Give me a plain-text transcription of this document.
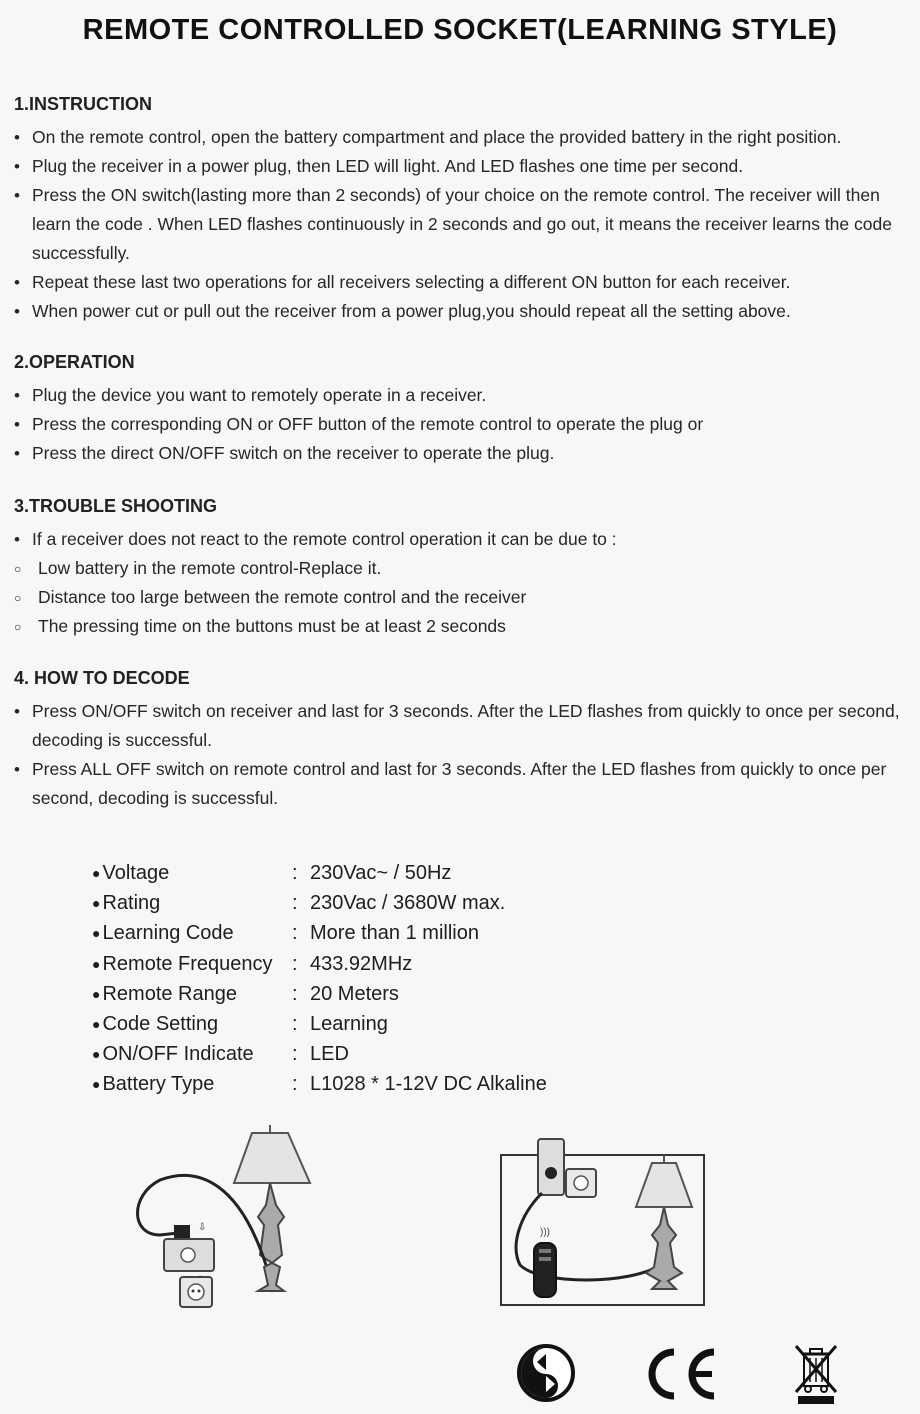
REMOTE CONTROLLED SOCKET(LEARNING STYLE)
1.INSTRUCTION
• On the remote control, open the battery compartment and place the provided battery in the right position.
• Plug the receiver in a power plug, then LED will light. And LED flashes one time per second.
• Press the ON switch(lasting more than 2 seconds) of your choice on the remote control. The receiver will then learn the code . When LED flashes continuously in 2 seconds and go out, it means the receiver learns the code successfully.
• Repeat these last two operations for all receivers selecting a different ON button for each receiver.
• When power cut or pull out the receiver from a power plug,you should repeat all the setting above.
2.OPERATION
• Plug the device you want to remotely operate in a receiver.
• Press the corresponding ON or OFF button of the remote control to operate the plug or
• Press the direct ON/OFF switch on the receiver to operate the plug.
3.TROUBLE SHOOTING
• If a receiver does not react to the remote control operation it can be due to :
○ Low battery in the remote control-Replace it.
○ Distance too large between the remote control and the receiver
○ The pressing time on the buttons must be at least 2 seconds
4. HOW TO DECODE
• Press ON/OFF switch on receiver and last for 3 seconds. After the LED flashes from quickly to once per second, decoding is successful.
• Press ALL OFF switch on remote control and last for 3 seconds. After the LED flashes from quickly to once per second, decoding is successful.
● Voltage	: 230Vac~ / 50Hz
● Rating	: 230Vac / 3680W max.
● Learning Code	: More than 1 million
● Remote Frequency : 433.92MHz
● Remote Range	: 20 Meters
● Code Setting	: Learning
● ON/OFF Indicate	: LED
● Battery Type	: L1028 * 1-12V DC Alkaline
⇩	)))
